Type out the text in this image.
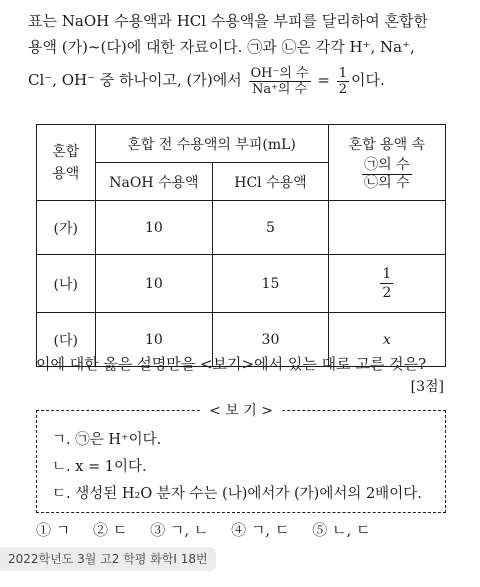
표는 NaOH 수용액과 HCl 수용액을 부피를 달리하여 혼합한
용액 (가)~(다)에 대한 자료이다. ㉠과 ㉡은 각각 H⁺, Na⁺,
Cl⁻, OH⁻ 중 하나이고, (가)에서 $\frac{\text{OH⁻의 수}}{\text{Na⁺의 수}} = \frac{1}{2}$ 이다.
혼합 용액	혼합 전 수용액의 부피(mL)		혼합 용액 속
$\frac{\text{㉠의 수}}{\text{㉡의 수}}$

	NaOH 수용액	HCl 수용액	
(가)	10	5	
(나)	10	15	$\frac{1}{2}$

(다)	10	30	x
이에 대한 옳은 설명만을 <보기>에서 있는 대로 고른 것은?
[3점]
< 보 기 >
ㄱ. ㉠은 H⁺이다.
ㄴ. x = 1이다.
ㄷ. 생성된 H₂O 분자 수는 (나)에서가 (가)에서의 2배이다.
① ㄱ ② ㄷ ③ ㄱ, ㄴ ④ ㄱ, ㄷ ⑤ ㄴ, ㄷ
2022학년도 3월 고2 학평 화학I 18번
